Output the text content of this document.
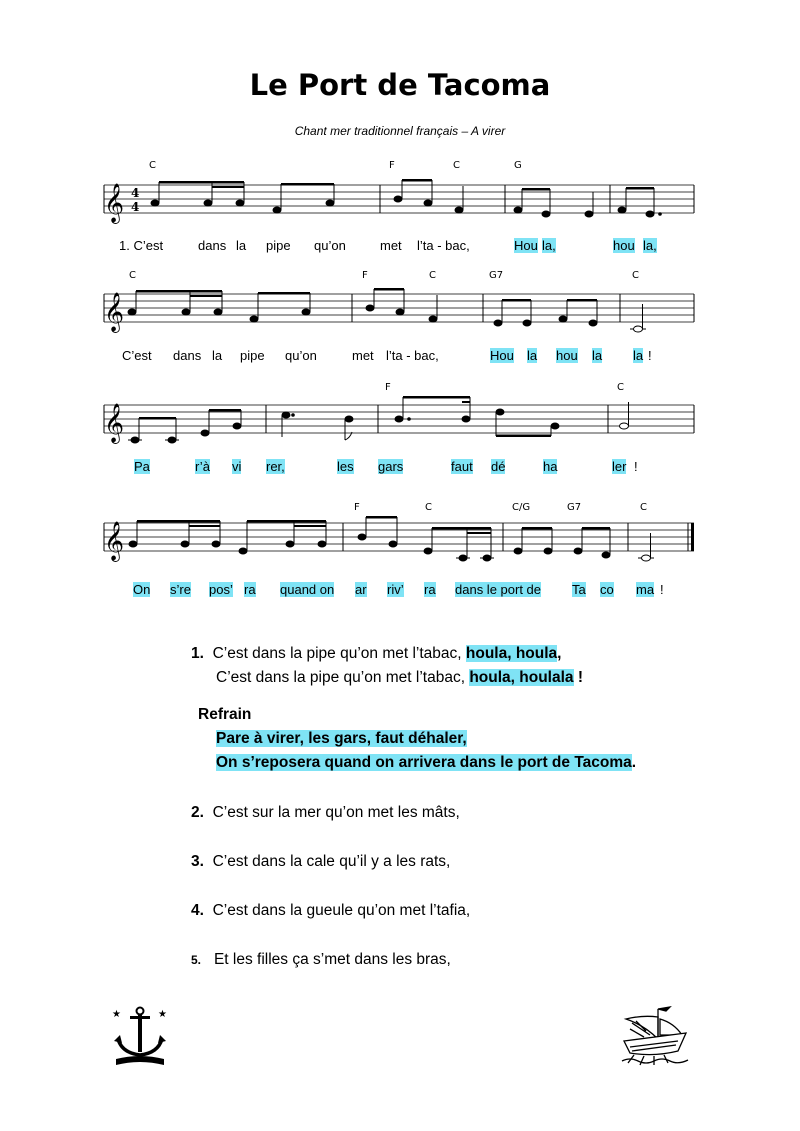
Le Port de Tacoma
Chant mer traditionnel français – A virer
𝄞
𝄞
𝄞
𝄞
4
4
C	F	C	G
C	F	C	G7	C
F	C
F	C	C/G	G7	C
1. C’est	dans la pipe qu’on	met l’ta - bac,	Hou la,	hou la,
C’est dans la pipe qu’on	met l’ta - bac,	Hou la hou la la !
Pa	r’à vi rer,	les gars	faut dé	ha	ler !
On s’re pos’ ra quand on ar riv’ ra dans le port de Ta co ma !
1. C’est dans la pipe qu’on met l’tabac, houla, houla,
C’est dans la pipe qu’on met l’tabac, houla, houlala !
Refrain
Pare à virer, les gars, faut déhaler,
On s’reposera quand on arrivera dans le port de Tacoma.
2. C’est sur la mer qu’on met les mâts,
3. C’est dans la cale qu’il y a les rats,
4. C’est dans la gueule qu’on met l’tafia,
5. Et les filles ça s’met dans les bras,
★	★
